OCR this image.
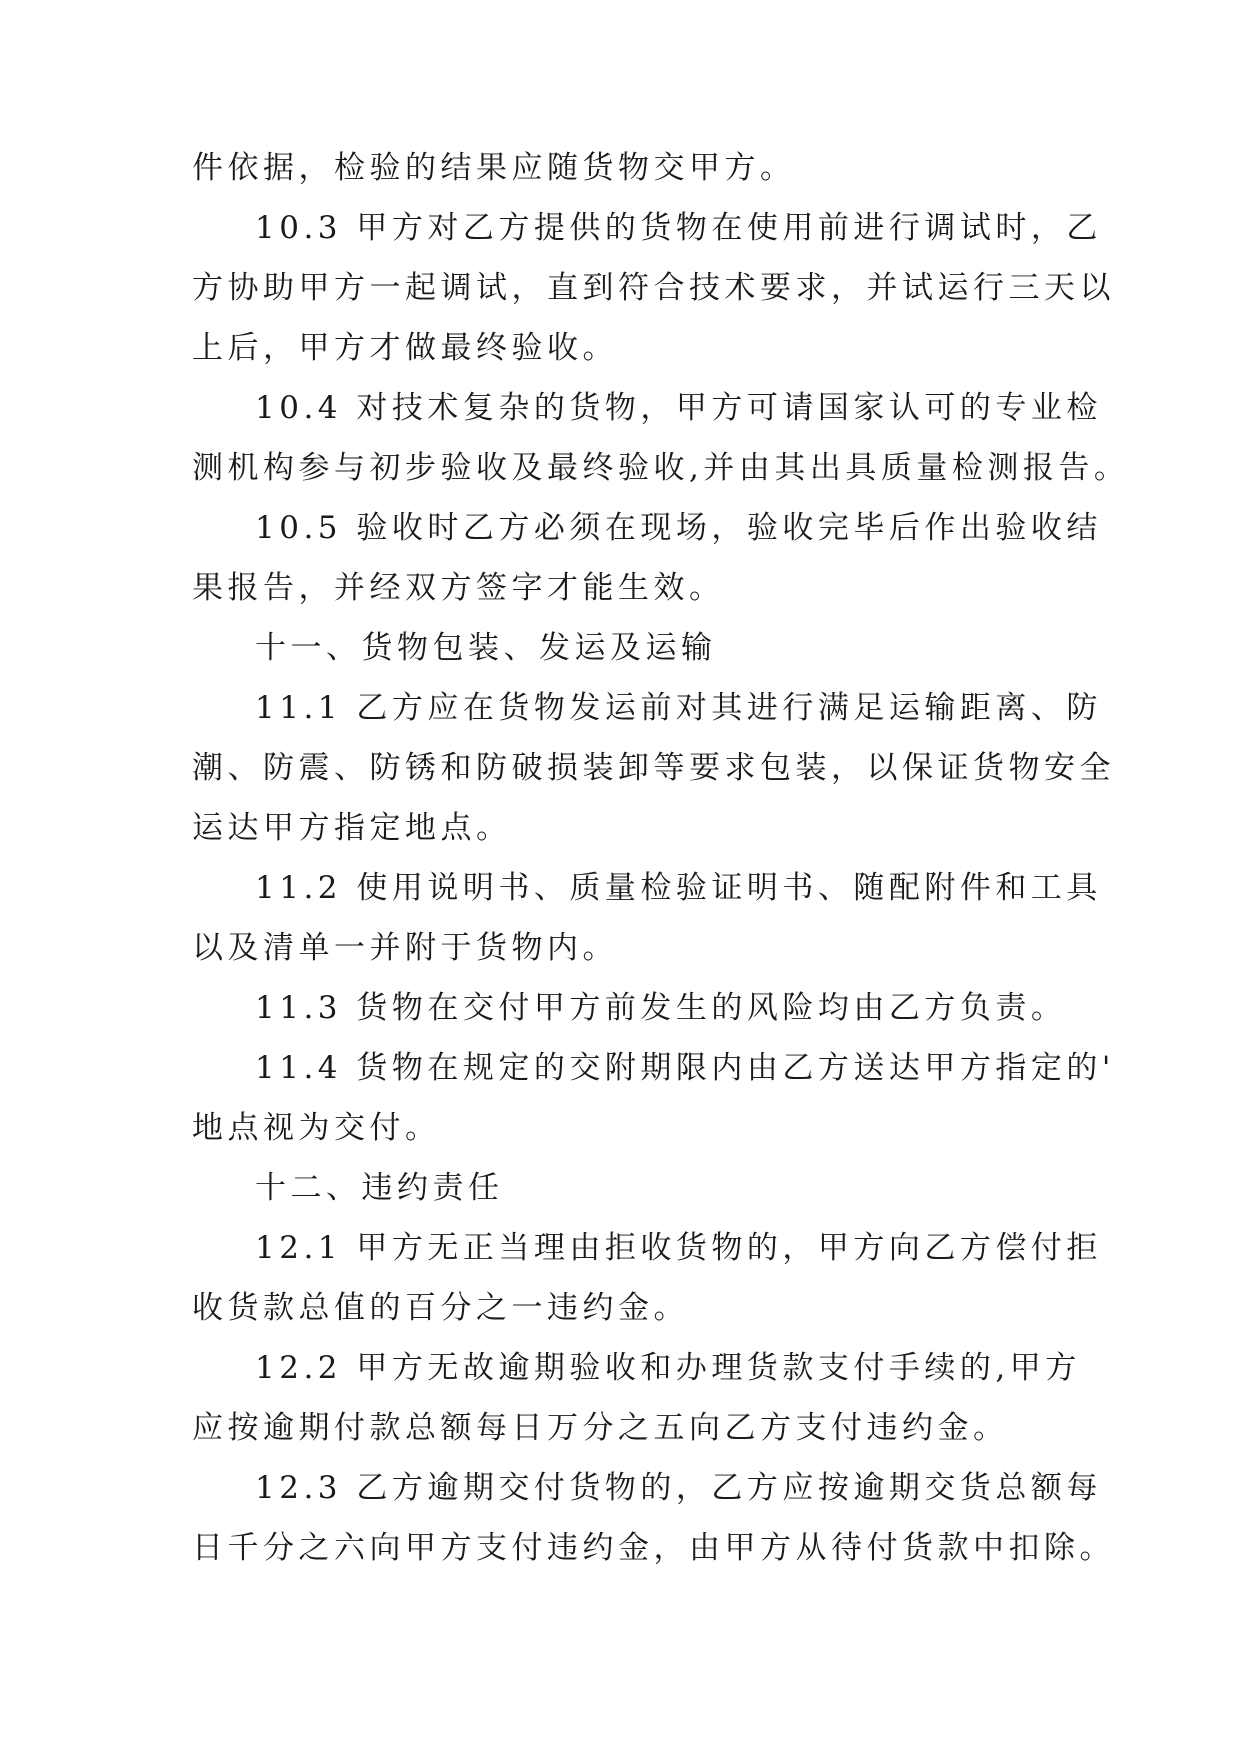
件依据，检验的结果应随货物交甲方。
10.3 甲方对乙方提供的货物在使用前进行调试时，乙
方协助甲方一起调试，直到符合技术要求，并试运行三天以
上后，甲方才做最终验收。
10.4 对技术复杂的货物，甲方可请国家认可的专业检
测机构参与初步验收及最终验收,并由其出具质量检测报告。
10.5 验收时乙方必须在现场，验收完毕后作出验收结
果报告，并经双方签字才能生效。
十一、货物包装、发运及运输
11.1 乙方应在货物发运前对其进行满足运输距离、防
潮、防震、防锈和防破损装卸等要求包装，以保证货物安全
运达甲方指定地点。
11.2 使用说明书、质量检验证明书、随配附件和工具
以及清单一并附于货物内。
11.3 货物在交付甲方前发生的风险均由乙方负责。
11.4 货物在规定的交附期限内由乙方送达甲方指定的'
地点视为交付。
十二、违约责任
12.1 甲方无正当理由拒收货物的，甲方向乙方偿付拒
收货款总值的百分之一违约金。
12.2 甲方无故逾期验收和办理货款支付手续的,甲方
应按逾期付款总额每日万分之五向乙方支付违约金。
12.3 乙方逾期交付货物的，乙方应按逾期交货总额每
日千分之六向甲方支付违约金，由甲方从待付货款中扣除。
